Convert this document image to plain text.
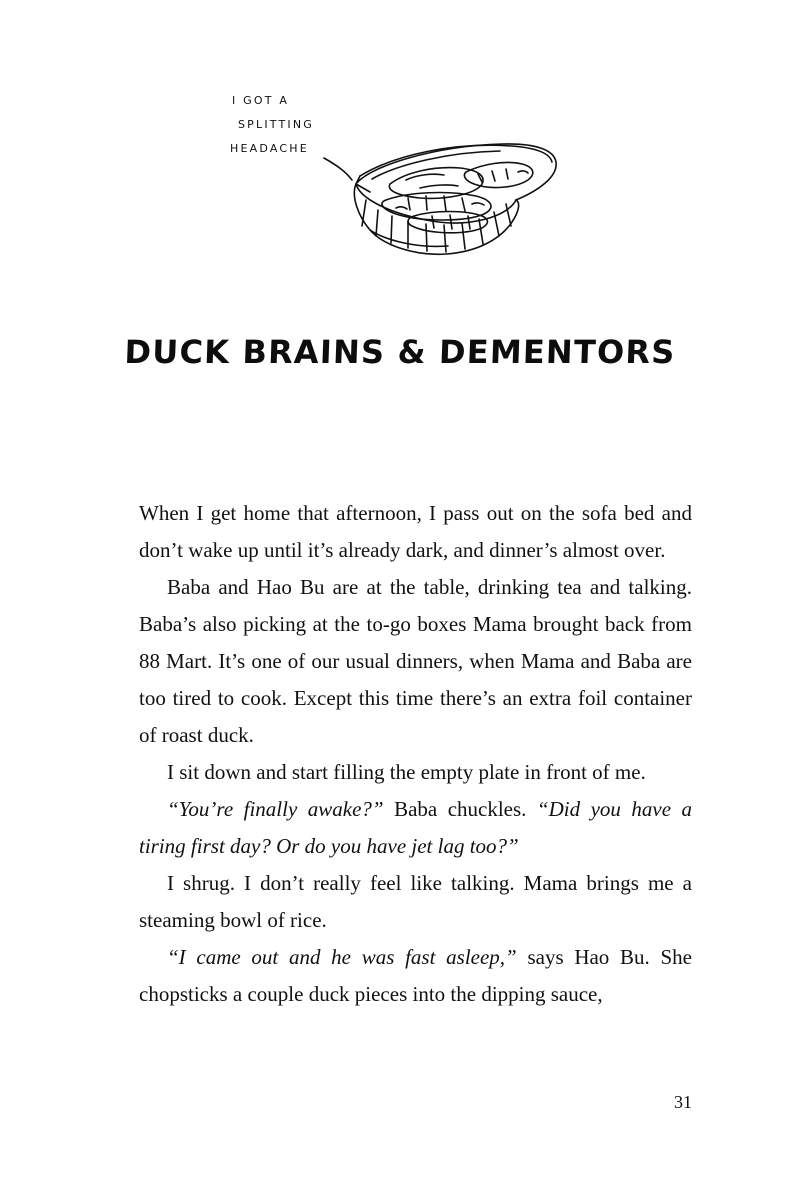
I GOT A
SPLITTING
HEADACHE
DUCK BRAINS & DEMENTORS

When I get home that afternoon, I pass out on the sofa bed and don’t wake up until it’s already dark, and dinner’s almost over.

Baba and Hao Bu are at the table, drinking tea and talking. Baba’s also picking at the to-go boxes Mama brought back from 88 Mart. It’s one of our usual dinners, when Mama and Baba are too tired to cook. Except this time there’s an extra foil container of roast duck.

I sit down and start filling the empty plate in front of me.

“You’re finally awake?” Baba chuckles. “Did you have a tiring first day? Or do you have jet lag too?”

I shrug. I don’t really feel like talking. Mama brings me a steaming bowl of rice.

“I came out and he was fast asleep,” says Hao Bu. She chopsticks a couple duck pieces into the dipping sauce,

31
